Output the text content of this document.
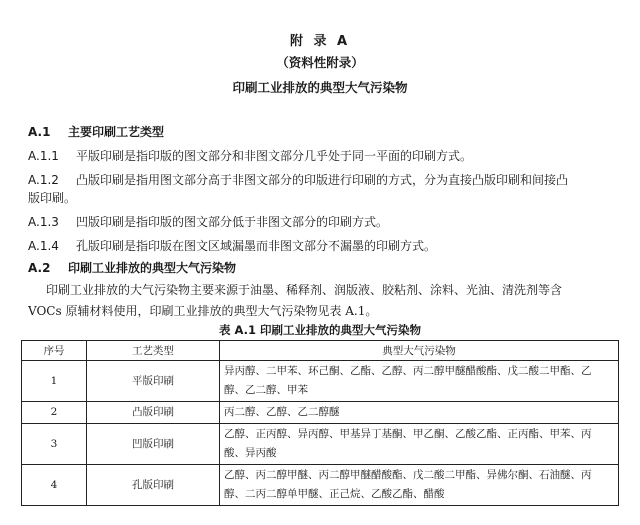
附 录 A
（资料性附录）
印刷工业排放的典型大气污染物
A.1 主要印刷工艺类型
A.1.1 平版印刷是指印版的图文部分和非图文部分几乎处于同一平面的印刷方式。
A.1.2 凸版印刷是指用图文部分高于非图文部分的印版进行印刷的方式，分为直接凸版印刷和间接凸
版印刷。
A.1.3 凹版印刷是指印版的图文部分低于非图文部分的印刷方式。
A.1.4 孔版印刷是指印版在图文区域漏墨而非图文部分不漏墨的印刷方式。
A.2 印刷工业排放的典型大气污染物
印刷工业排放的大气污染物主要来源于油墨、稀释剂、润版液、胶粘剂、涂料、光油、清洗剂等含
VOCs 原辅材料使用，印刷工业排放的典型大气污染物见表 A.1。
表 A.1 印刷工业排放的典型大气污染物
序号	工艺类型	典型大气污染物
1	平版印刷	异丙醇、二甲苯、环己酮、乙酯、乙醇、丙二醇甲醚醋酸酯、戊二酸二甲酯、乙
醇、乙二醇、甲苯

2	凸版印刷	丙二醇、乙醇、乙二醇醚

3	凹版印刷	乙醇、正丙醇、异丙醇、甲基异丁基酮、甲乙酮、乙酸乙酯、正丙酯、甲苯、丙
酸、异丙酸

4	孔版印刷	乙醇、丙二醇甲醚、丙二醇甲醚醋酸酯、戊二酸二甲酯、异佛尔酮、石油醚、丙
醇、二丙二醇单甲醚、正己烷、乙酸乙酯、醋酸
